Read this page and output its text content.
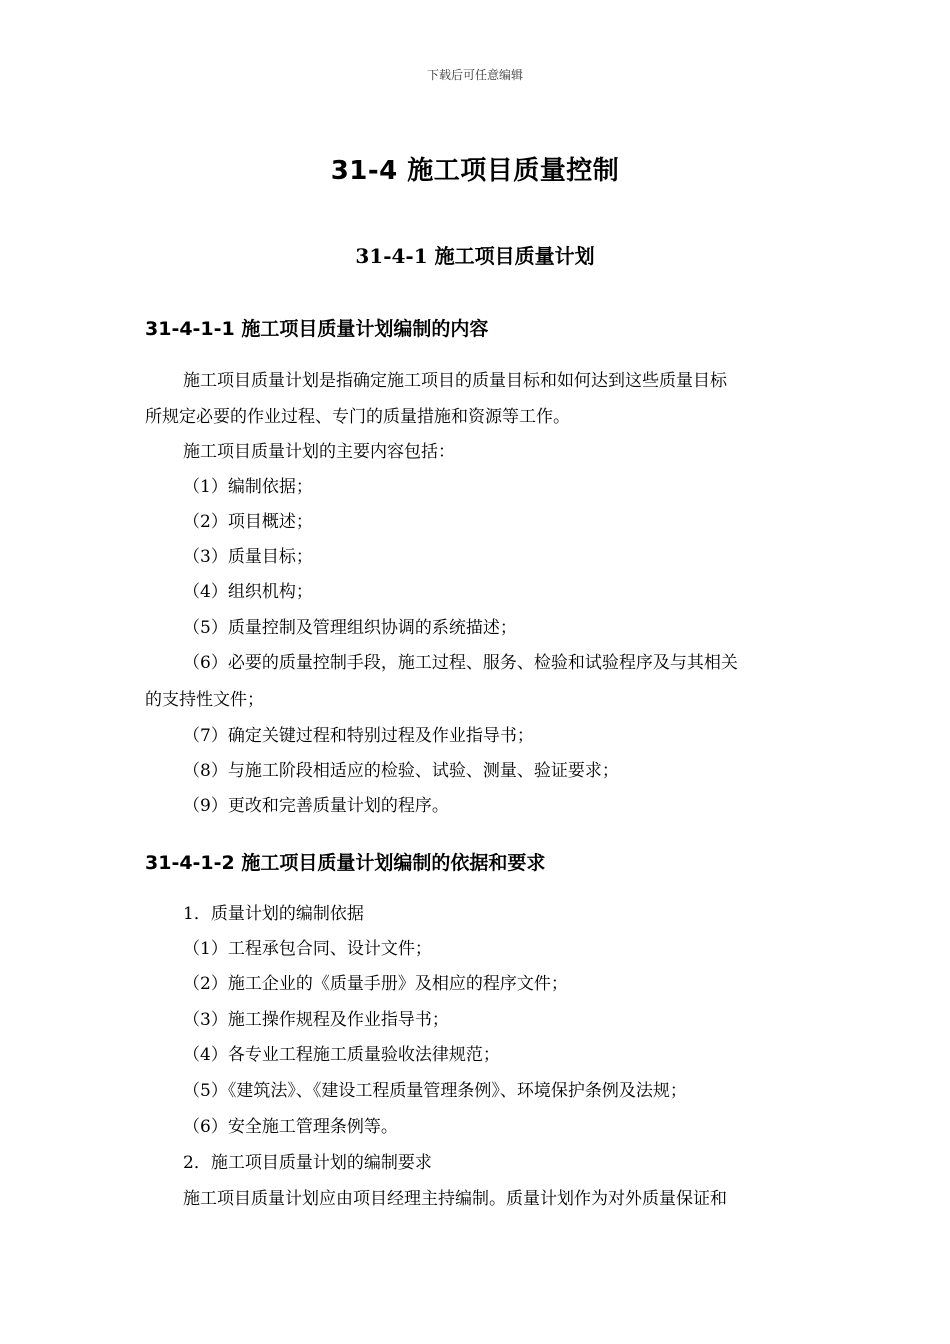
下载后可任意编辑
31-4 施工项目质量控制
31-4-1 施工项目质量计划
31-4-1-1 施工项目质量计划编制的内容
施工项目质量计划是指确定施工项目的质量目标和如何达到这些质量目标
所规定必要的作业过程、专门的质量措施和资源等工作。
施工项目质量计划的主要内容包括：
（1）编制依据；
（2）项目概述；
（3）质量目标；
（4）组织机构；
（5）质量控制及管理组织协调的系统描述；
（6）必要的质量控制手段，施工过程、服务、检验和试验程序及与其相关
的支持性文件；
（7）确定关键过程和特别过程及作业指导书；
（8）与施工阶段相适应的检验、试验、测量、验证要求；
（9）更改和完善质量计划的程序。
31-4-1-2 施工项目质量计划编制的依据和要求
1．质量计划的编制依据
（1）工程承包合同、设计文件；
（2）施工企业的《质量手册》及相应的程序文件；
（3）施工操作规程及作业指导书；
（4）各专业工程施工质量验收法律规范；
（5）《建筑法》、《建设工程质量管理条例》、环境保护条例及法规；
（6）安全施工管理条例等。
2．施工项目质量计划的编制要求
施工项目质量计划应由项目经理主持编制。质量计划作为对外质量保证和
